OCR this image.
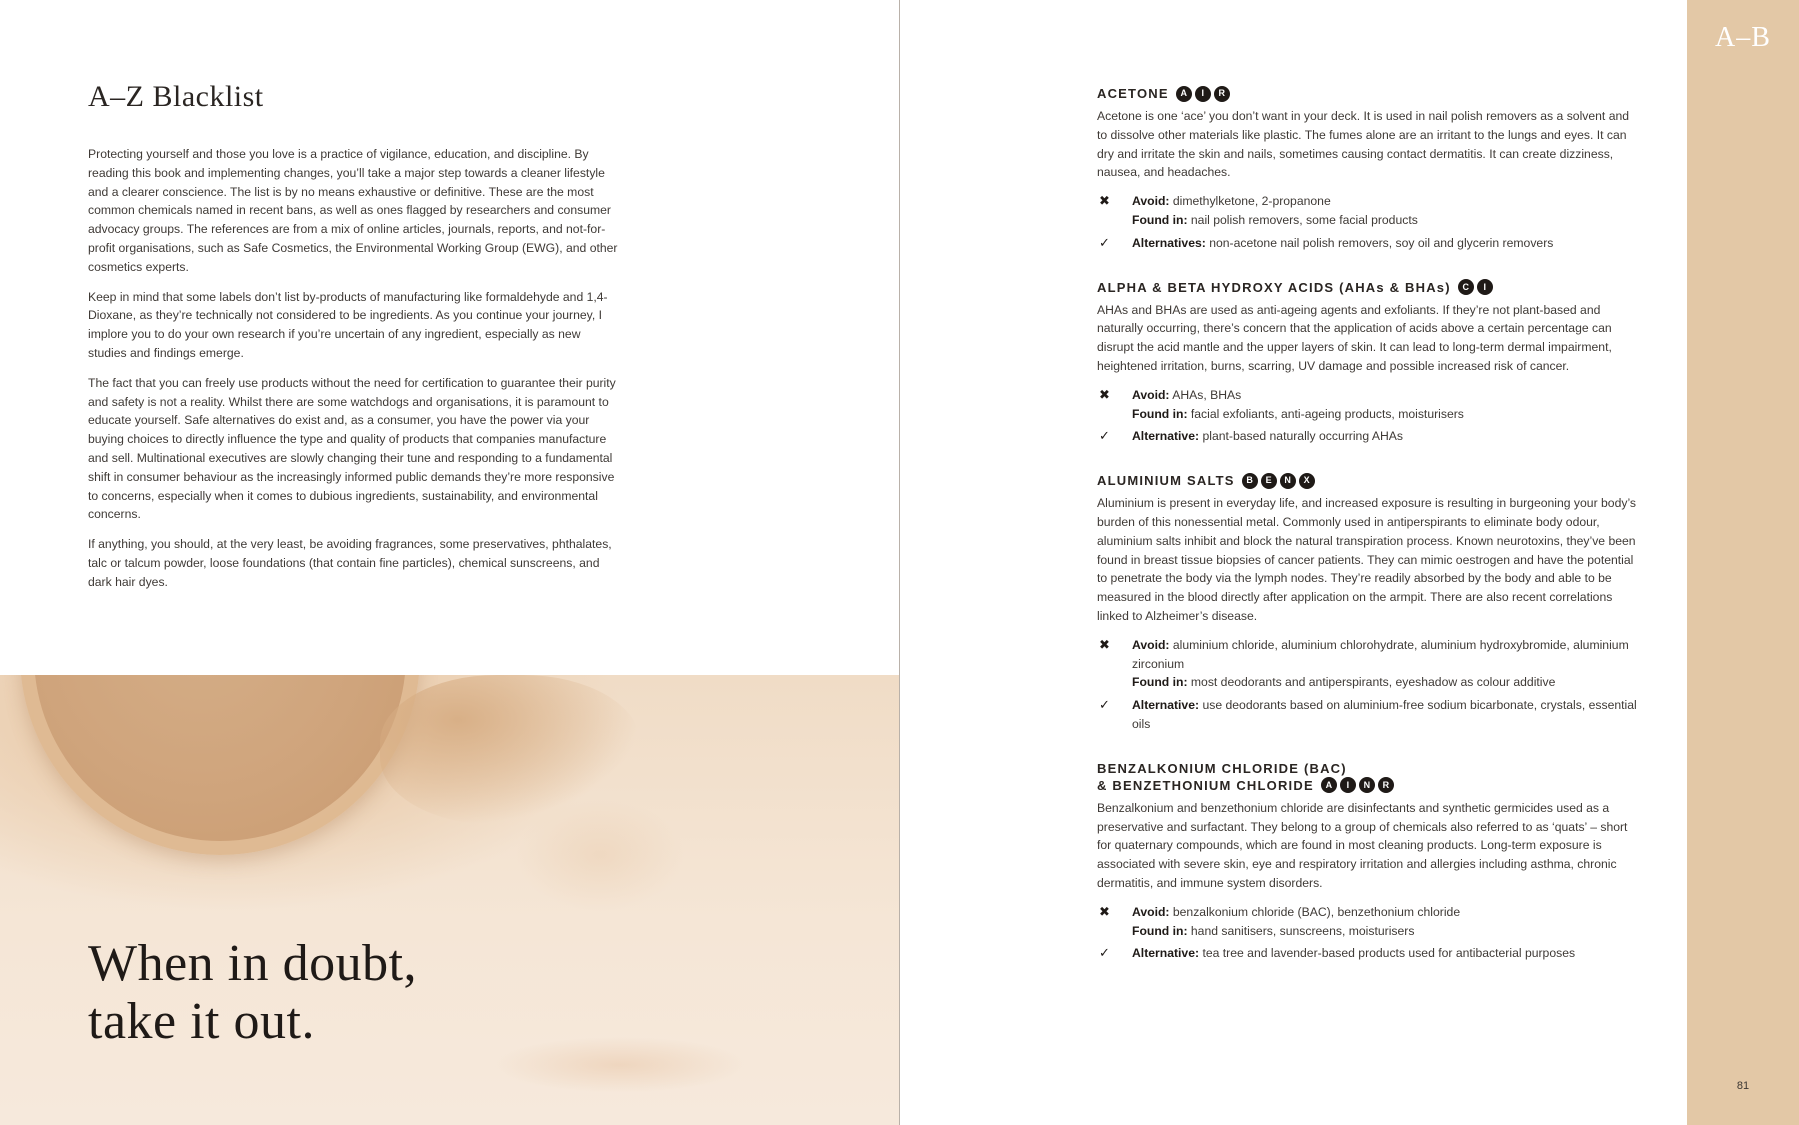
A–Z Blacklist

Protecting yourself and those you love is a practice of vigilance, education, and discipline. By reading this book and implementing changes, you’ll take a major step towards a cleaner lifestyle and a clearer conscience. The list is by no means exhaustive or definitive. These are the most common chemicals named in recent bans, as well as ones flagged by researchers and consumer advocacy groups. The references are from a mix of online articles, journals, reports, and not-for-profit organisations, such as Safe Cosmetics, the Environmental Working Group (EWG), and other cosmetics experts.

Keep in mind that some labels don’t list by-products of manufacturing like formaldehyde and 1,4-Dioxane, as they’re technically not considered to be ingredients. As you continue your journey, I implore you to do your own research if you’re uncertain of any ingredient, especially as new studies and findings emerge.

The fact that you can freely use products without the need for certification to guarantee their purity and safety is not a reality. Whilst there are some watchdogs and organisations, it is paramount to educate yourself. Safe alternatives do exist and, as a consumer, you have the power via your buying choices to directly influence the type and quality of products that companies manufacture and sell. Multinational executives are slowly changing their tune and responding to a fundamental shift in consumer behaviour as the increasingly informed public demands they’re more responsive to concerns, especially when it comes to dubious ingredients, sustainability, and environmental concerns.

If anything, you should, at the very least, be avoiding fragrances, some preservatives, phthalates, talc or talcum powder, loose foundations (that contain fine particles), chemical sunscreens, and dark hair dyes.

When in doubt,
take it out.
A–B
81
ACETONE	A	I	R

Acetone is one ‘ace’ you don’t want in your deck. It is used in nail polish removers as a solvent and to dissolve other materials like plastic. The fumes alone are an irritant to the lungs and eyes. It can dry and irritate the skin and nails, sometimes causing contact dermatitis. It can create dizziness, nausea, and headaches.

✖	Avoid: dimethylketone, 2-propanone
Found in: nail polish removers, some facial products
✓	Alternatives: non-acetone nail polish removers, soy oil and glycerin removers
ALPHA & BETA HYDROXY ACIDS (AHAs & BHAs)	C	I

AHAs and BHAs are used as anti-ageing agents and exfoliants. If they’re not plant-based and naturally occurring, there’s concern that the application of acids above a certain percentage can disrupt the acid mantle and the upper layers of skin. It can lead to long-term dermal impairment, heightened irritation, burns, scarring, UV damage and possible increased risk of cancer.

✖	Avoid: AHAs, BHAs
Found in: facial exfoliants, anti-ageing products, moisturisers
✓	Alternative: plant-based naturally occurring AHAs
ALUMINIUM SALTS	B	E	N	X

Aluminium is present in everyday life, and increased exposure is resulting in burgeoning your body’s burden of this nonessential metal. Commonly used in antiperspirants to eliminate body odour, aluminium salts inhibit and block the natural transpiration process. Known neurotoxins, they’ve been found in breast tissue biopsies of cancer patients. They can mimic oestrogen and have the potential to penetrate the body via the lymph nodes. They’re readily absorbed by the body and able to be measured in the blood directly after application on the armpit. There are also recent correlations linked to Alzheimer’s disease.

✖	Avoid: aluminium chloride, aluminium chlorohydrate, aluminium hydroxybromide, aluminium zirconium
Found in: most deodorants and antiperspirants, eyeshadow as colour additive
✓	Alternative: use deodorants based on aluminium-free sodium bicarbonate, crystals, essential oils
BENZALKONIUM CHLORIDE (BAC)
& BENZETHONIUM CHLORIDE	A	I	N	R

Benzalkonium and benzethonium chloride are disinfectants and synthetic germicides used as a preservative and surfactant. They belong to a group of chemicals also referred to as ‘quats’ – short for quaternary compounds, which are found in most cleaning products. Long-term exposure is associated with severe skin, eye and respiratory irritation and allergies including asthma, chronic dermatitis, and immune system disorders.

✖	Avoid: benzalkonium chloride (BAC), benzethonium chloride
Found in: hand sanitisers, sunscreens, moisturisers
✓	Alternative: tea tree and lavender-based products used for antibacterial purposes
